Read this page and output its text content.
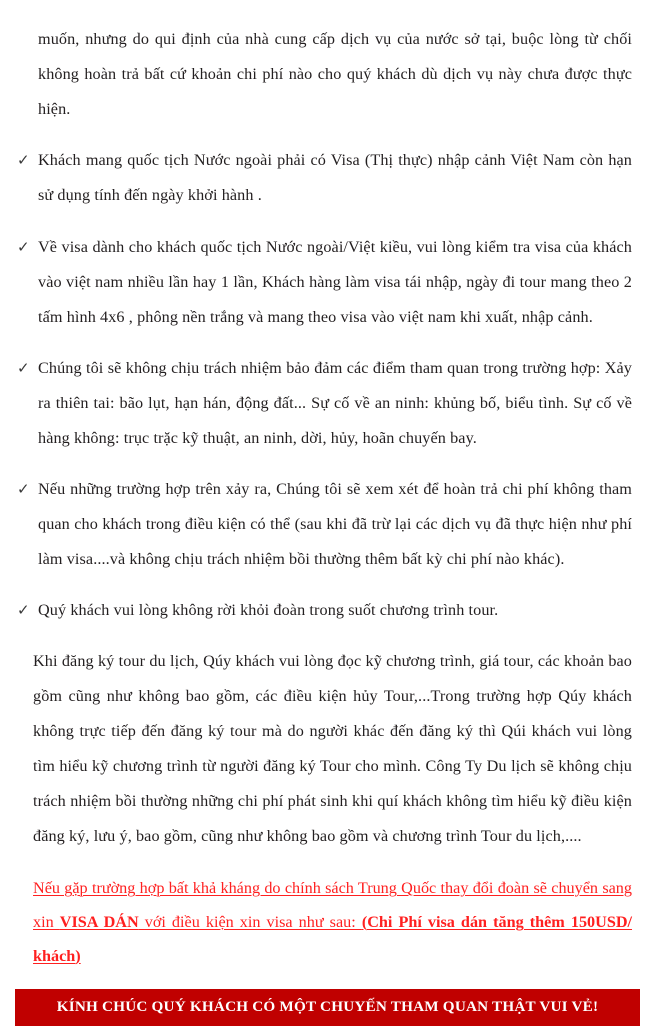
muốn, nhưng do qui định của nhà cung cấp dịch vụ của nước sở tại, buộc lòng từ chối không hoàn trả bất cứ khoản chi phí nào cho quý khách dù dịch vụ này chưa được thực hiện.

✓ Khách mang quốc tịch Nước ngoài phải có Visa (Thị thực) nhập cảnh Việt Nam còn hạn sử dụng tính đến ngày khởi hành .

✓ Về visa dành cho khách quốc tịch Nước ngoài/Việt kiều, vui lòng kiểm tra visa của khách vào việt nam nhiều lần hay 1 lần, Khách hàng làm visa tái nhập, ngày đi tour mang theo 2 tấm hình 4x6 , phông nền trắng và mang theo visa vào việt nam khi xuất, nhập cảnh.

✓ Chúng tôi sẽ không chịu trách nhiệm bảo đảm các điểm tham quan trong trường hợp: Xảy ra thiên tai: bão lụt, hạn hán, động đất... Sự cố về an ninh: khủng bố, biểu tình. Sự cố về hàng không: trục trặc kỹ thuật, an ninh, dời, hủy, hoãn chuyến bay.

✓ Nếu những trường hợp trên xảy ra, Chúng tôi sẽ xem xét để hoàn trả chi phí không tham quan cho khách trong điều kiện có thể (sau khi đã trừ lại các dịch vụ đã thực hiện như phí làm visa....và không chịu trách nhiệm bồi thường thêm bất kỳ chi phí nào khác).

✓ Quý khách vui lòng không rời khỏi đoàn trong suốt chương trình tour.

Khi đăng ký tour du lịch, Qúy khách vui lòng đọc kỹ chương trình, giá tour, các khoản bao gồm cũng như không bao gồm, các điều kiện hủy Tour,...Trong trường hợp Qúy khách không trực tiếp đến đăng ký tour mà do người khác đến đăng ký thì Qúi khách vui lòng tìm hiểu kỹ chương trình từ người đăng ký Tour cho mình. Công Ty Du lịch sẽ không chịu trách nhiệm bồi thường những chi phí phát sinh khi quí khách không tìm hiểu kỹ điều kiện đăng ký, lưu ý, bao gồm, cũng như không bao gồm và chương trình Tour du lịch,....

Nếu gặp trường hợp bất khả kháng do chính sách Trung Quốc thay đổi đoàn sẽ chuyển sang xin VISA DÁN với điều kiện xin visa như sau: (Chi Phí visa dán tăng thêm 150USD/ khách)

KÍNH CHÚC QUÝ KHÁCH CÓ MỘT CHUYẾN THAM QUAN THẬT VUI VẺ!
